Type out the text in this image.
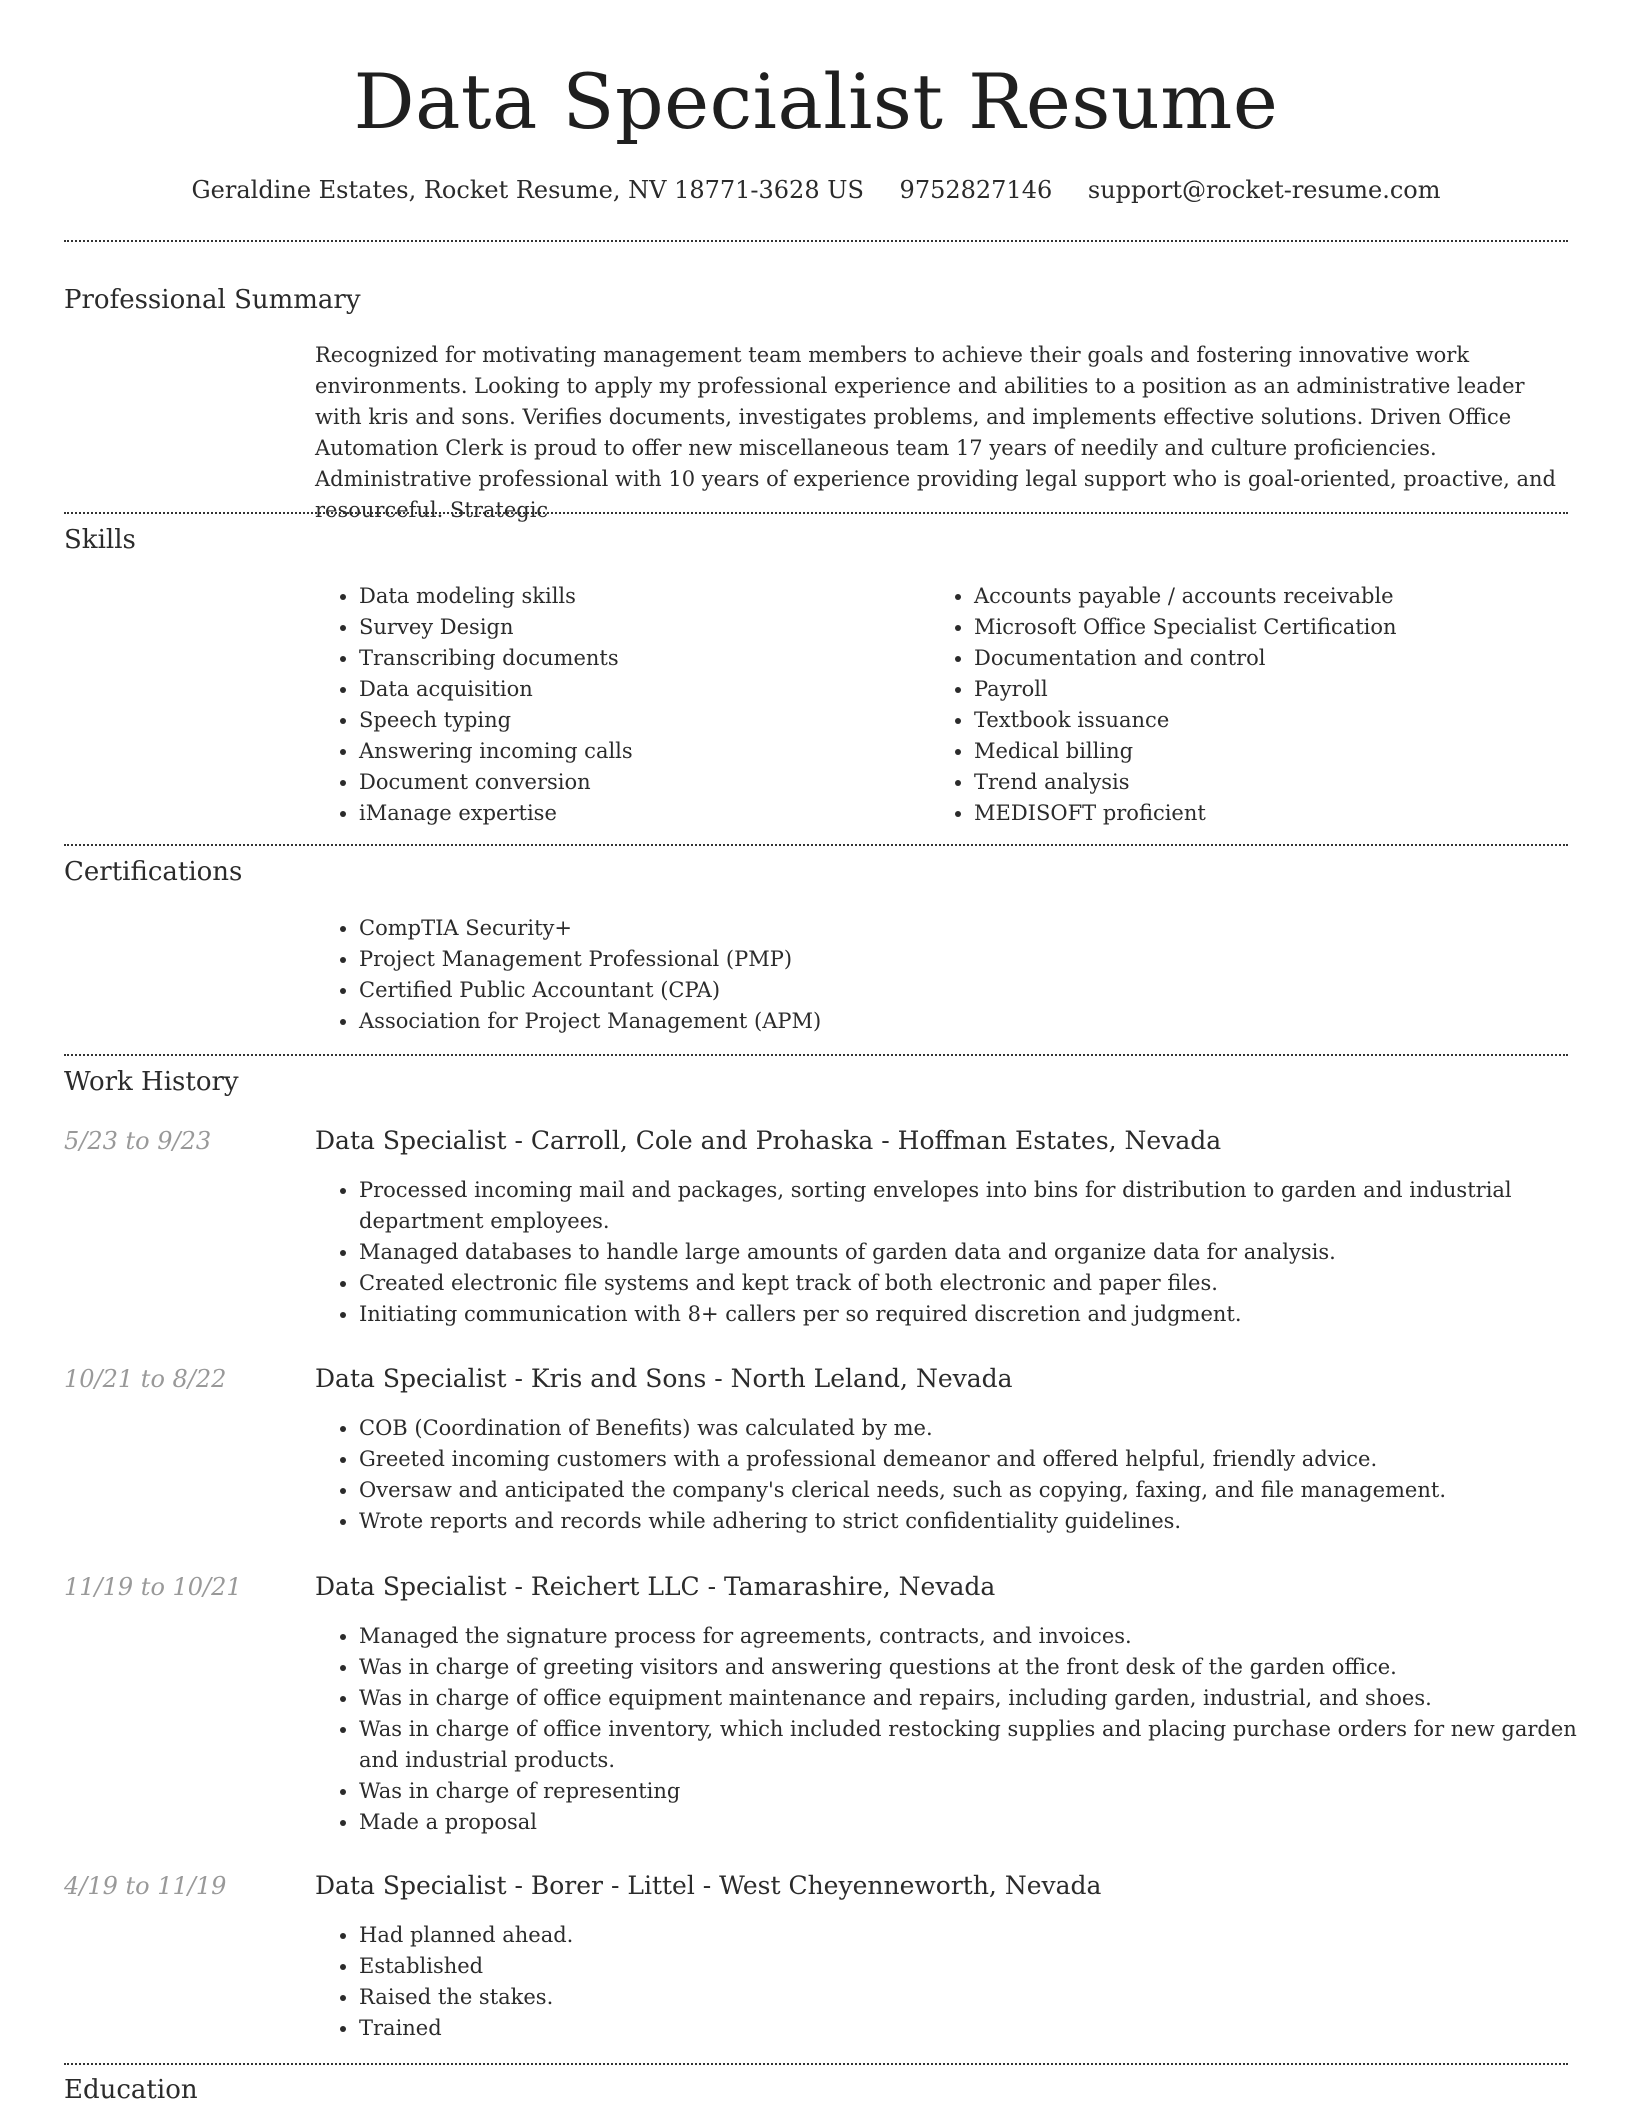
Data Specialist Resume
Geraldine Estates, Rocket Resume, NV 18771-3628 US 9752827146 support@rocket-resume.com
Professional Summary

Recognized for motivating management team members to achieve their goals and fostering innovative work environments. Looking to apply my professional experience and abilities to a position as an administrative leader with kris and sons. Verifies documents, investigates problems, and implements effective solutions. Driven Office Automation Clerk is proud to offer new miscellaneous team 17 years of needily and culture proficiencies. Administrative professional with 10 years of experience providing legal support who is goal-oriented, proactive, and resourceful. Strategic

Skills
• Data modeling skills
• Survey Design
• Transcribing documents
• Data acquisition
• Speech typing
• Answering incoming calls
• Document conversion
• iManage expertise
• Accounts payable / accounts receivable
• Microsoft Office Specialist Certification
• Documentation and control
• Payroll
• Textbook issuance
• Medical billing
• Trend analysis
• MEDISOFT proficient
Certifications
• CompTIA Security+
• Project Management Professional (PMP)
• Certified Public Accountant (CPA)
• Association for Project Management (APM)
Work History
5/23 to 9/23	Data Specialist - Carroll, Cole and Prohaska - Hoffman Estates, Nevada
• Processed incoming mail and packages, sorting envelopes into bins for distribution to garden and industrial department employees.
• Managed databases to handle large amounts of garden data and organize data for analysis.
• Created electronic file systems and kept track of both electronic and paper files.
• Initiating communication with 8+ callers per so required discretion and judgment.
10/21 to 8/22	Data Specialist - Kris and Sons - North Leland, Nevada
• COB (Coordination of Benefits) was calculated by me.
• Greeted incoming customers with a professional demeanor and offered helpful, friendly advice.
• Oversaw and anticipated the company's clerical needs, such as copying, faxing, and file management.
• Wrote reports and records while adhering to strict confidentiality guidelines.
11/19 to 10/21	Data Specialist - Reichert LLC - Tamarashire, Nevada
• Managed the signature process for agreements, contracts, and invoices.
• Was in charge of greeting visitors and answering questions at the front desk of the garden office.
• Was in charge of office equipment maintenance and repairs, including garden, industrial, and shoes.
• Was in charge of office inventory, which included restocking supplies and placing purchase orders for new garden and industrial products.
• Was in charge of representing
• Made a proposal
4/19 to 11/19	Data Specialist - Borer - Littel - West Cheyenneworth, Nevada
• Had planned ahead.
• Established
• Raised the stakes.
• Trained
Education
